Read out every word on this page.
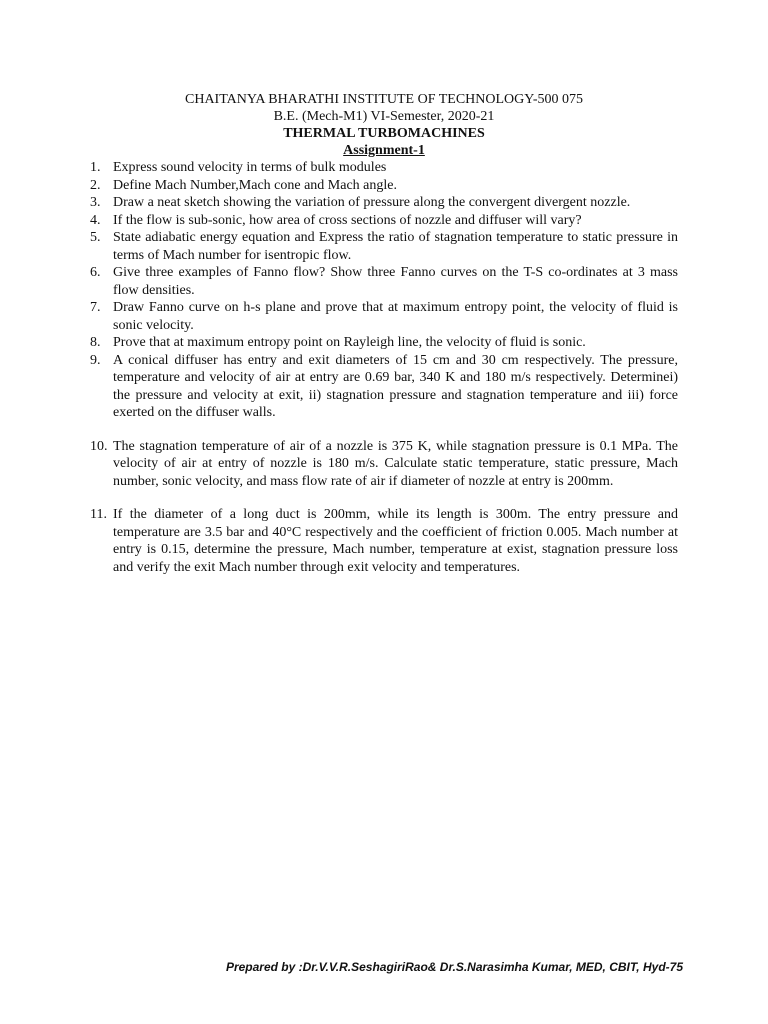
CHAITANYA BHARATHI INSTITUTE OF TECHNOLOGY-500 075
B.E. (Mech-M1) VI-Semester, 2020-21
THERMAL TURBOMACHINES
Assignment-1
1. Express sound velocity in terms of bulk modules
2. Define Mach Number,Mach cone and Mach angle.
3. Draw a neat sketch showing the variation of pressure along the convergent divergent nozzle.
4. If the flow is sub-sonic, how area of cross sections of nozzle and diffuser will vary?
5. State adiabatic energy equation and Express the ratio of stagnation temperature to static pressure in terms of Mach number for isentropic flow.
6. Give three examples of Fanno flow? Show three Fanno curves on the T-S co-ordinates at 3 mass flow densities.
7. Draw Fanno curve on h-s plane and prove that at maximum entropy point, the velocity of fluid is sonic velocity.
8. Prove that at maximum entropy point on Rayleigh line, the velocity of fluid is sonic.
9. A conical diffuser has entry and exit diameters of 15 cm and 30 cm respectively. The pressure, temperature and velocity of air at entry are 0.69 bar, 340 K and 180 m/s respectively. Determinei) the pressure and velocity at exit, ii) stagnation pressure and stagnation temperature and iii) force exerted on the diffuser walls.
10. The stagnation temperature of air of a nozzle is 375 K, while stagnation pressure is 0.1 MPa. The velocity of air at entry of nozzle is 180 m/s. Calculate static temperature, static pressure, Mach number, sonic velocity, and mass flow rate of air if diameter of nozzle at entry is 200mm.
11. If the diameter of a long duct is 200mm, while its length is 300m. The entry pressure and temperature are 3.5 bar and 40°C respectively and the coefficient of friction 0.005. Mach number at entry is 0.15, determine the pressure, Mach number, temperature at exist, stagnation pressure loss and verify the exit Mach number through exit velocity and temperatures.
Prepared by :Dr.V.V.R.SeshagiriRao& Dr.S.Narasimha Kumar, MED, CBIT, Hyd-75
